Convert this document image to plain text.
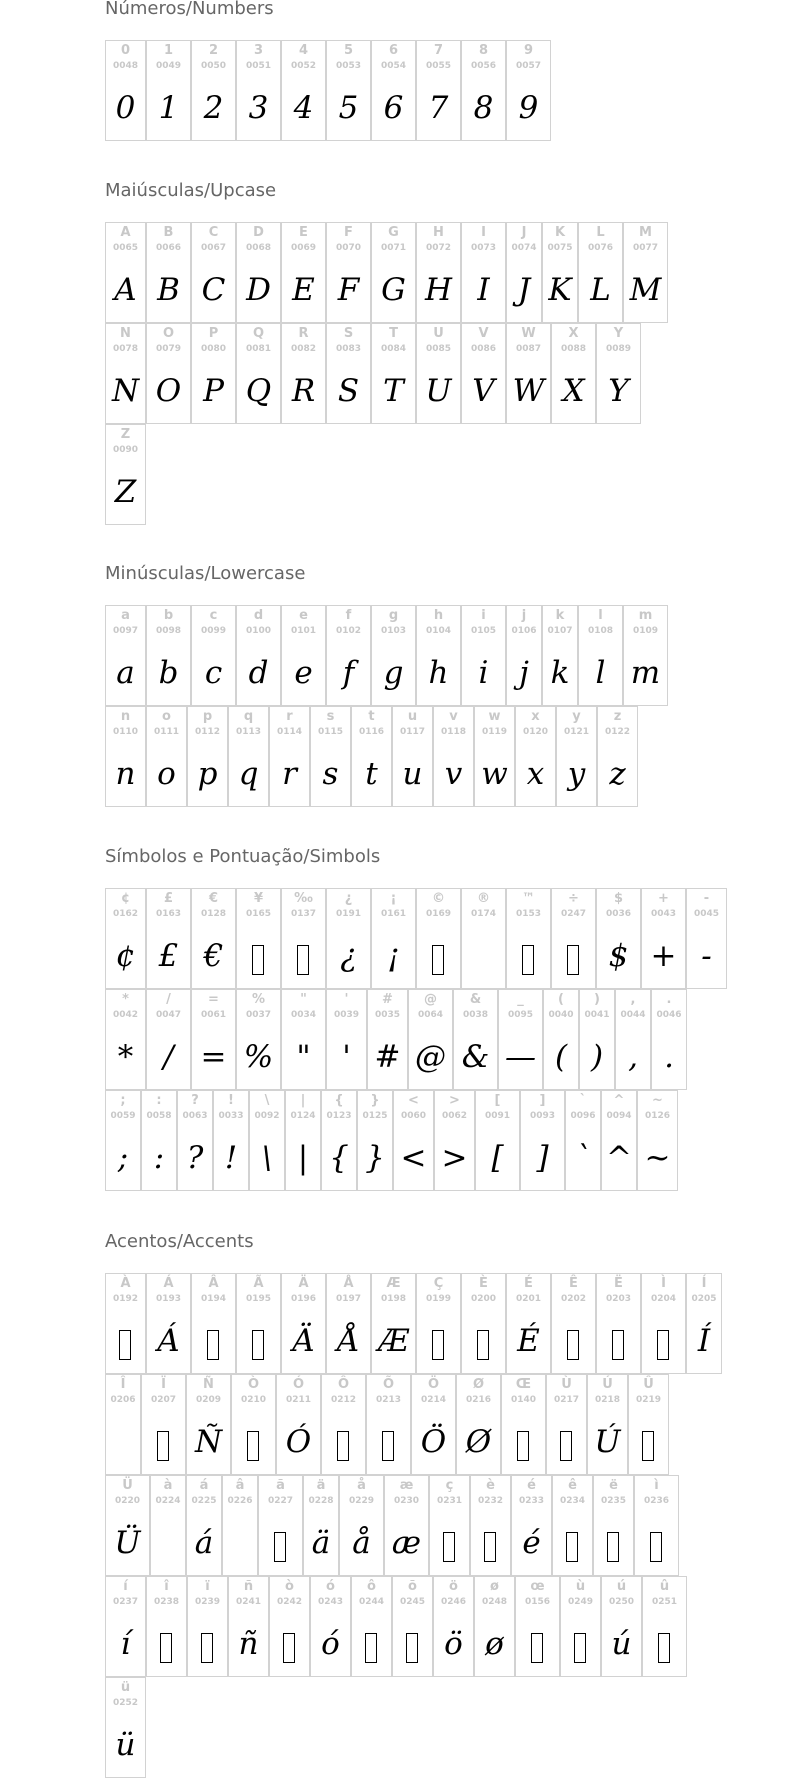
Números/Numbers
0
0048
0
1
0049
1
2
0050
2
3
0051
3
4
0052
4
5
0053
5
6
0054
6
7
0055
7
8
0056
8
9
0057
9
Maiúsculas/Upcase
A
0065
A
B
0066
B
C
0067
C
D
0068
D
E
0069
E
F
0070
F
G
0071
G
H
0072
H
I
0073
I
J
0074
J
K
0075
K
L
0076
L
M
0077
M
N
0078
N
O
0079
O
P
0080
P
Q
0081
Q
R
0082
R
S
0083
S
T
0084
T
U
0085
U
V
0086
V
W
0087
W
X
0088
X
Y
0089
Y
Z
0090
Z
Minúsculas/Lowercase
a
0097
a
b
0098
b
c
0099
c
d
0100
d
e
0101
e
f
0102
f
g
0103
g
h
0104
h
i
0105
i
j
0106
j
k
0107
k
l
0108
l
m
0109
m
n
0110
n
o
0111
o
p
0112
p
q
0113
q
r
0114
r
s
0115
s
t
0116
t
u
0117
u
v
0118
v
w
0119
w
x
0120
x
y
0121
y
z
0122
z
Símbolos e Pontuação/Simbols
¢
0162
¢
£
0163
£
€
0128
€
¥
0165
‰
0137
¿
0191
¿
¡
0161
¡
©
0169
®
0174
™
0153
÷
0247
$
0036
$
+
0043
+
-
0045
-
*
0042
*
/
0047
/
=
0061
=
%
0037
%
"
0034
"
'
0039
'
#
0035
#
@
0064
@
&
0038
&
_
0095
—
(
0040
(
)
0041
)
,
0044
,
.
0046
.
;
0059
;
:
0058
:
?
0063
?
!
0033
!
\
0092
\
|
0124
|
{
0123
{
}
0125
}
<
0060
<
>
0062
>
[
0091
[
]
0093
]
`
0096
`
^
0094
^
~
0126
~
Acentos/Accents
À
0192
Á
0193
Á
Â
0194
Ã
0195
Ä
0196
Ä
Å
0197
Å
Æ
0198
Æ
Ç
0199
È
0200
É
0201
É
Ê
0202
Ë
0203
Ì
0204
Í
0205
Í
Î
0206
Ï
0207
Ñ
0209
Ñ
Ò
0210
Ó
0211
Ó
Ô
0212
Õ
0213
Ö
0214
Ö
Ø
0216
Ø
Œ
0140
Ù
0217
Ú
0218
Ú
Û
0219
Ü
0220
Ü
à
0224
á
0225
á
â
0226
ã
0227
ä
0228
ä
å
0229
å
æ
0230
æ
ç
0231
è
0232
é
0233
é
ê
0234
ë
0235
ì
0236
í
0237
í
î
0238
ï
0239
ñ
0241
ñ
ò
0242
ó
0243
ó
ô
0244
õ
0245
ö
0246
ö
ø
0248
ø
œ
0156
ù
0249
ú
0250
ú
û
0251
ü
0252
ü
